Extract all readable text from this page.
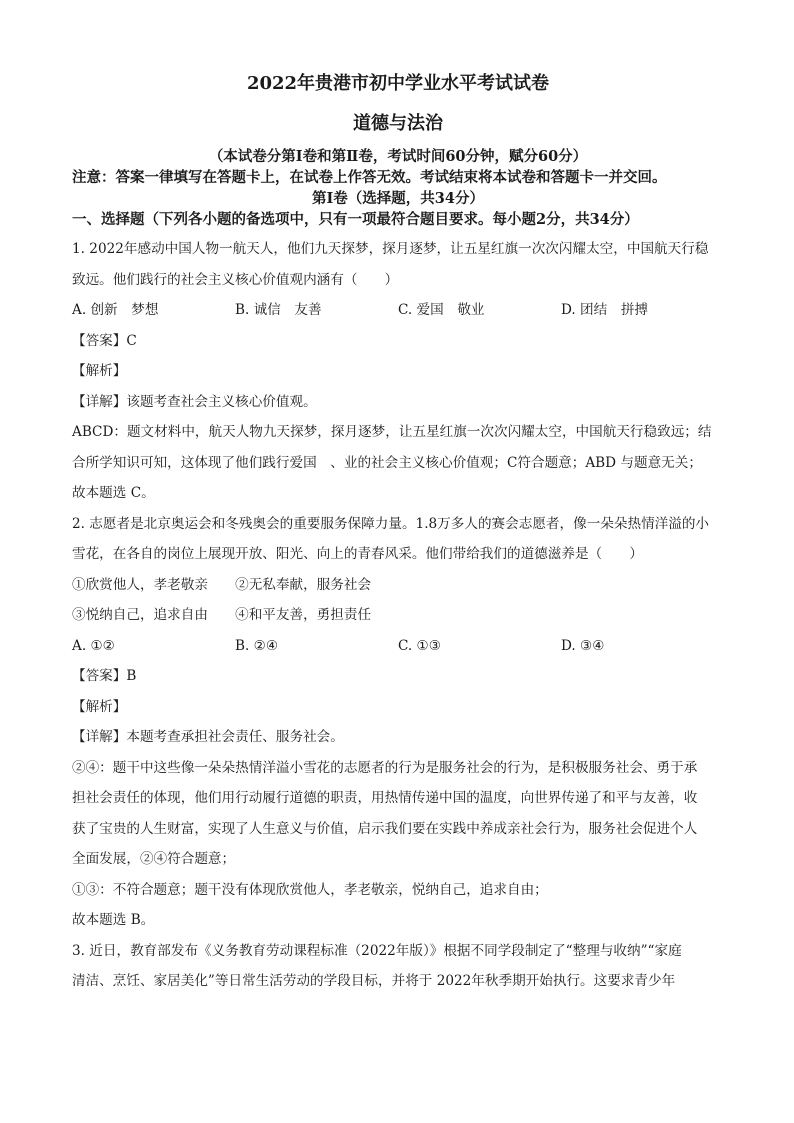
2022年贵港市初中学业水平考试试卷

道德与法治

（本试卷分第Ⅰ卷和第Ⅱ卷，考试时间60分钟，赋分60分）

注意：答案一律填写在答题卡上，在试卷上作答无效。考试结束将本试卷和答题卡一并交回。

第Ⅰ卷（选择题，共34分）

一、选择题（下列各小题的备选项中，只有一项最符合题目要求。每小题2分，共34分）

1. 2022年感动中国人物一航天人，他们九天探梦，探月逐梦，让五星红旗一次次闪耀太空，中国航天行稳

致远。他们践行的社会主义核心价值观内涵有（　　）

A. 创新　梦想	B. 诚信　友善	C. 爱国　敬业	D. 团结　拼搏

【答案】C

【解析】

【详解】该题考查社会主义核心价值观。

ABCD：题文材料中，航天人物九天探梦，探月逐梦，让五星红旗一次次闪耀太空，中国航天行稳致远；结

合所学知识可知，这体现了他们践行爱国　、业的社会主义核心价值观；C符合题意；ABD 与题意无关；

故本题选 C。

2. 志愿者是北京奥运会和冬残奥会的重要服务保障力量。1.8万多人的赛会志愿者，像一朵朵热情洋溢的小

雪花，在各自的岗位上展现开放、阳光、向上的青春风采。他们带给我们的道德滋养是（　　）

①欣赏他人，孝老敬亲　　②无私奉献，服务社会

③悦纳自己，追求自由　　④和平友善，勇担责任

A. ①②	B. ②④	C. ①③	D. ③④

【答案】B

【解析】

【详解】本题考查承担社会责任、服务社会。

②④：题干中这些像一朵朵热情洋溢小雪花的志愿者的行为是服务社会的行为，是积极服务社会、勇于承

担社会责任的体现，他们用行动履行道德的职责，用热情传递中国的温度，向世界传递了和平与友善，收

获了宝贵的人生财富，实现了人生意义与价值，启示我们要在实践中养成亲社会行为，服务社会促进个人

全面发展，②④符合题意；

①③：不符合题意；题干没有体现欣赏他人，孝老敬亲，悦纳自己，追求自由；

故本题选 B。

3. 近日，教育部发布《义务教育劳动课程标准（2022年版）》根据不同学段制定了“整理与收纳”“家庭

清洁、烹饪、家居美化”等日常生活劳动的学段目标，并将于 2022年秋季期开始执行。这要求青少年
